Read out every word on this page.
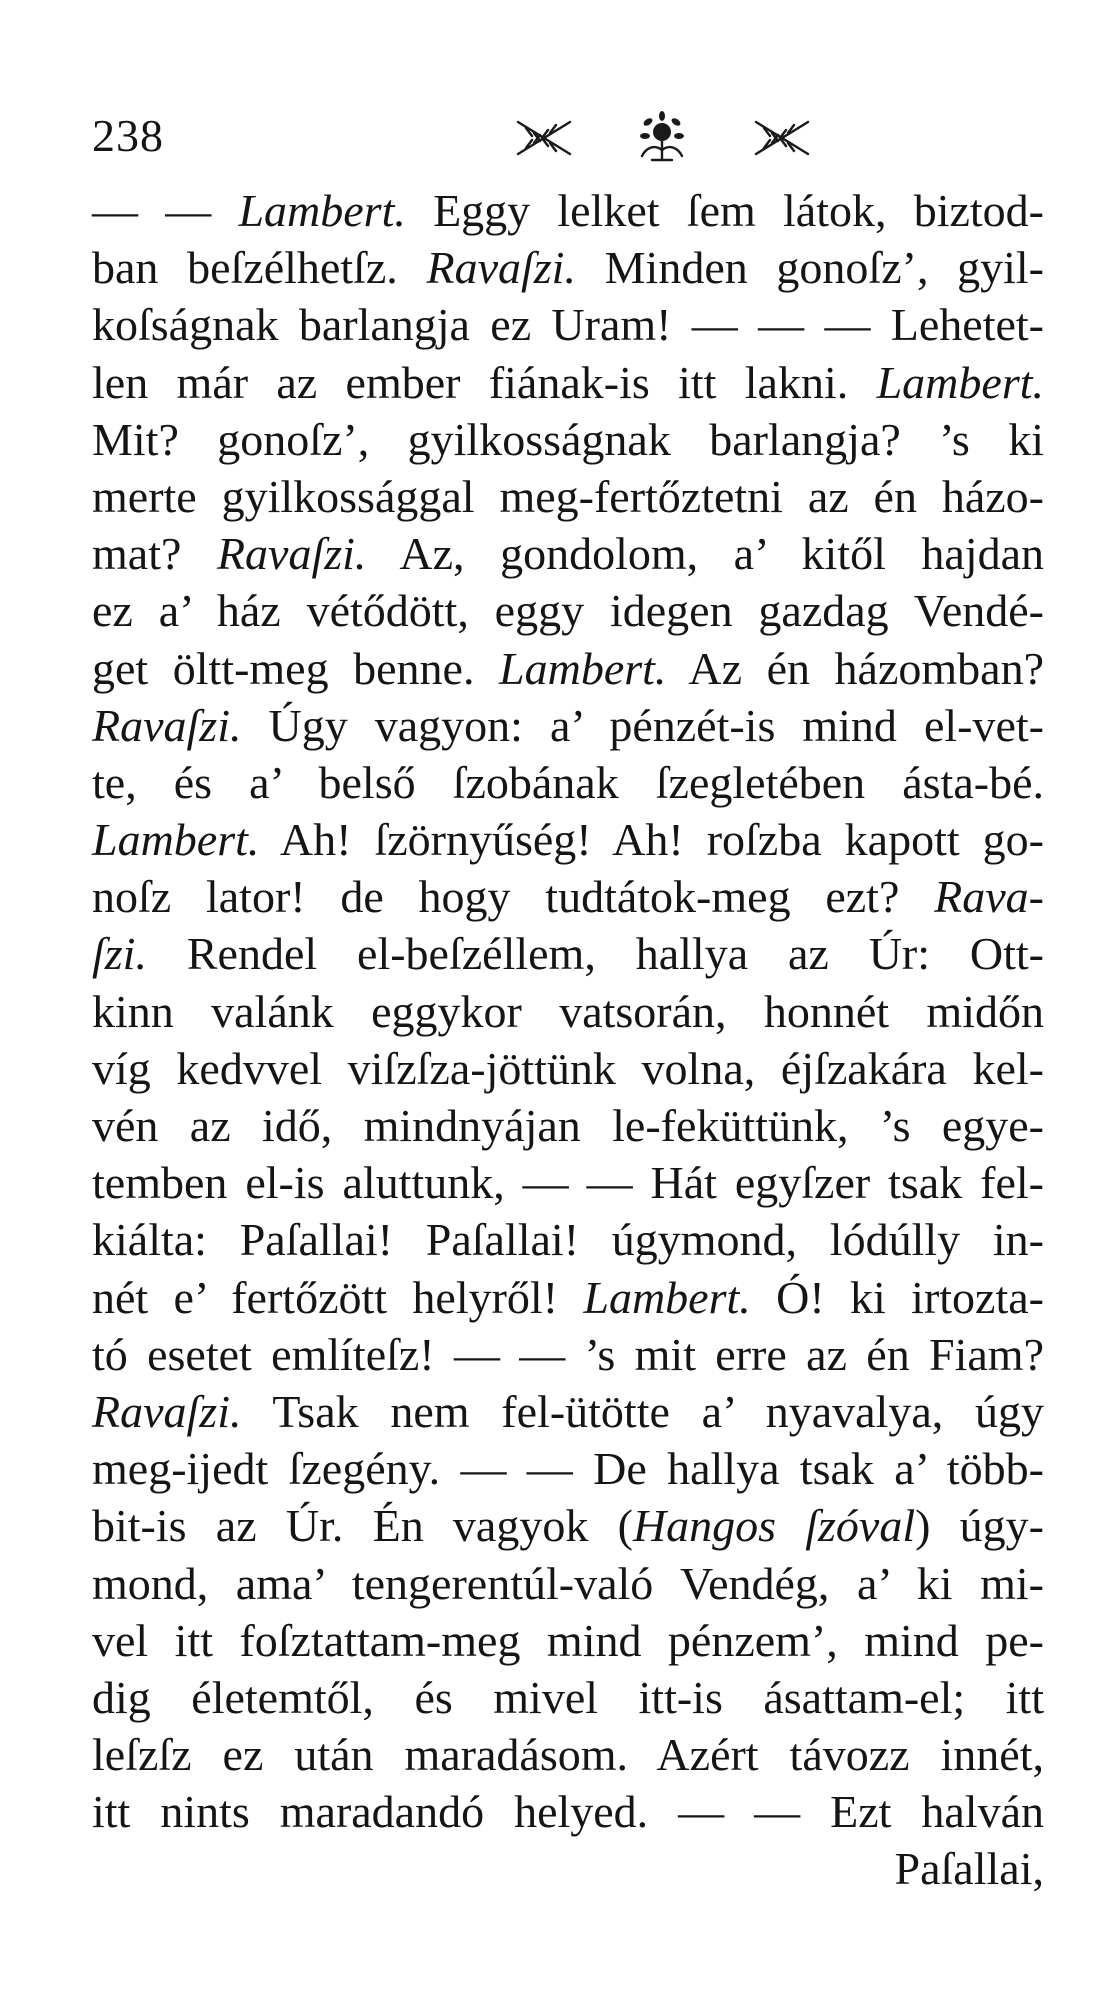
238
— — Lambert. Eggy lelket ſem látok, biztod-
ban beſzélhetſz. Ravaſzi. Minden gonoſz’, gyil-
koſságnak barlangja ez Uram! — — — Lehetet-
len már az ember fiának-is itt lakni. Lambert.
Mit? gonoſz’, gyilkosságnak barlangja? ’s ki
merte gyilkossággal meg-fertőztetni az én házo-
mat? Ravaſzi. Az, gondolom, a’ kitől hajdan
ez a’ ház vétődött, eggy idegen gazdag Vendé-
get öltt-meg benne. Lambert. Az én házomban?
Ravaſzi. Úgy vagyon: a’ pénzét-is mind el-vet-
te, és a’ belső ſzobának ſzegletében ásta-bé.
Lambert. Ah! ſzörnyűség! Ah! roſzba kapott go-
noſz lator! de hogy tudtátok-meg ezt? Rava-
ſzi. Rendel el-beſzéllem, hallya az Úr: Ott-
kinn valánk eggykor vatsorán, honnét midőn
víg kedvvel viſzſza-jöttünk volna, éjſzakára kel-
vén az idő, mindnyájan le-feküttünk, ’s egye-
temben el-is aluttunk, — — Hát egyſzer tsak fel-
kiálta: Paſallai! Paſallai! úgymond, lódúlly in-
nét e’ fertőzött helyről! Lambert. Ó! ki irtozta-
tó esetet említeſz! — — ’s mit erre az én Fiam?
Ravaſzi. Tsak nem fel-ütötte a’ nyavalya, úgy
meg-ijedt ſzegény. — — De hallya tsak a’ több-
bit-is az Úr. Én vagyok (Hangos ſzóval) úgy-
mond, ama’ tengerentúl-való Vendég, a’ ki mi-
vel itt foſztattam-meg mind pénzem’, mind pe-
dig életemtől, és mivel itt-is ásattam-el; itt
leſzſz ez után maradásom. Azért távozz innét,
itt nints maradandó helyed. — — Ezt halván
Paſallai,
